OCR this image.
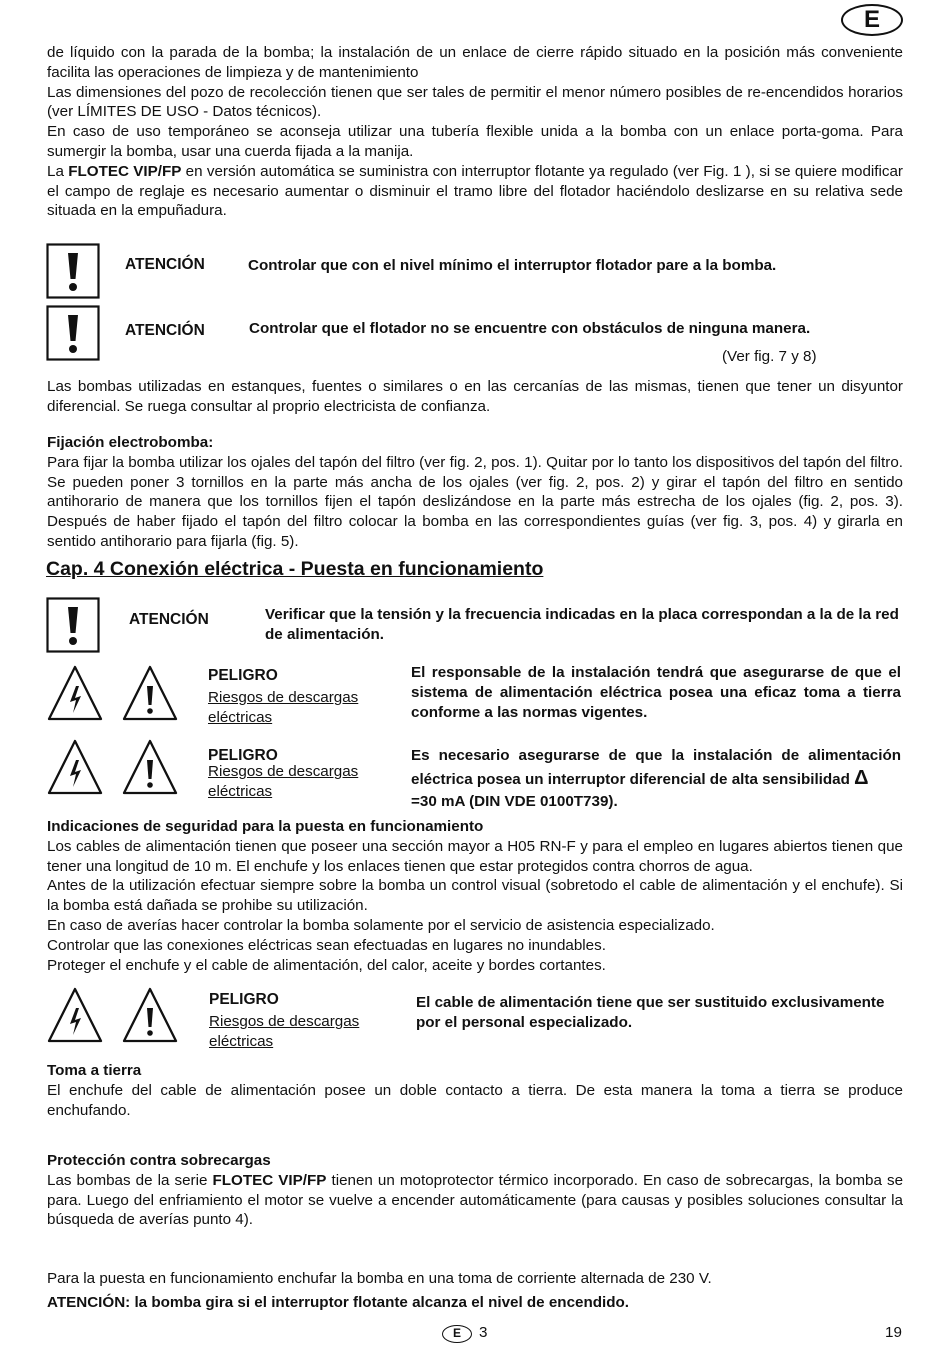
E

de líquido con la parada de la bomba; la instalación de un enlace de cierre rápido situado en la posición más conveniente facilita las operaciones de limpieza y de mantenimiento

Las dimensiones del pozo de recolección tienen que ser tales de permitir el menor número posibles de re-encendidos horarios (ver LÍMITES DE USO - Datos técnicos).

En caso de uso temporáneo se aconseja utilizar una tubería flexible unida a la bomba con un enlace porta-goma. Para sumergir la bomba, usar una cuerda fijada a la manija.

La FLOTEC VIP/FP en versión automática se suministra con interruptor flotante ya regulado (ver Fig. 1 ), si se quiere modificar el campo de reglaje es necesario aumentar o disminuir el tramo libre del flotador haciéndolo deslizarse en su relativa sede situada en la empuñadura.

ATENCIÓN	Controlar que con el nivel mínimo el interruptor flotador pare a la bomba.
ATENCIÓN	Controlar que el flotador no se encuentre con obstáculos de ninguna manera.
(Ver fig. 7 y 8)

Las bombas utilizadas en estanques, fuentes o similares o en las cercanías de las mismas, tienen que tener un disyuntor diferencial. Se ruega consultar al proprio electricista de confianza.

Fijación electrobomba:

Para fijar la bomba utilizar los ojales del tapón del filtro (ver fig. 2, pos. 1). Quitar por lo tanto los dispositivos del tapón del filtro. Se pueden poner 3 tornillos en la parte más ancha de los ojales (ver fig. 2, pos. 2) y girar el tapón del filtro en sentido antihorario de manera que los tornillos fijen el tapón deslizándose en la parte más estrecha de los ojales (fig. 2, pos. 3). Después de haber fijado el tapón del filtro colocar la bomba en las correspondientes guías (ver fig. 3, pos. 4) y girarla en sentido antihorario para fijarla (fig. 5).

Cap. 4 Conexión eléctrica - Puesta en funcionamiento
ATENCIÓN	Verificar que la tensión y la frecuencia indicadas en la placa correspondan a la de la red de alimentación.
PELIGRO
Riesgos de descargas eléctricas
El responsable de la instalación tendrá que asegurarse de que el sistema de alimentación eléctrica posea una eficaz toma a tierra conforme a las normas vigentes.
PELIGRO
Riesgos de descargas eléctricas
Es necesario asegurarse de que la instalación de alimentación eléctrica posea un interruptor diferencial de alta sensibilidad Δ
=30 mA (DIN VDE 0100T739).

Indicaciones de seguridad para la puesta en funcionamiento

Los cables de alimentación tienen que poseer una sección mayor a H05 RN-F y para el empleo en lugares abiertos tienen que tener una longitud de 10 m. El enchufe y los enlaces tienen que estar protegidos contra chorros de agua.

Antes de la utilización efectuar siempre sobre la bomba un control visual (sobretodo el cable de alimentación y el enchufe). Si la bomba está dañada se prohibe su utilización.

En caso de averías hacer controlar la bomba solamente por el servicio de asistencia especializado.

Controlar que las conexiones eléctricas sean efectuadas en lugares no inundables.

Proteger el enchufe y el cable de alimentación, del calor, aceite y bordes cortantes.

PELIGRO
Riesgos de descargas eléctricas
El cable de alimentación tiene que ser sustituido exclusivamente por el personal especializado.

Toma a tierra

El enchufe del cable de alimentación posee un doble contacto a tierra. De esta manera la toma a tierra se produce enchufando.

Protección contra sobrecargas

Las bombas de la serie FLOTEC VIP/FP tienen un motoprotector térmico incorporado. En caso de sobrecargas, la bomba se para. Luego del enfriamiento el motor se vuelve a encender automáticamente (para causas y posibles soluciones consultar la búsqueda de averías punto 4).

Para la puesta en funcionamiento enchufar la bomba en una toma de corriente alternada de 230 V.

ATENCIÓN: la bomba gira si el interruptor flotante alcanza el nivel de encendido.

E	3	19
